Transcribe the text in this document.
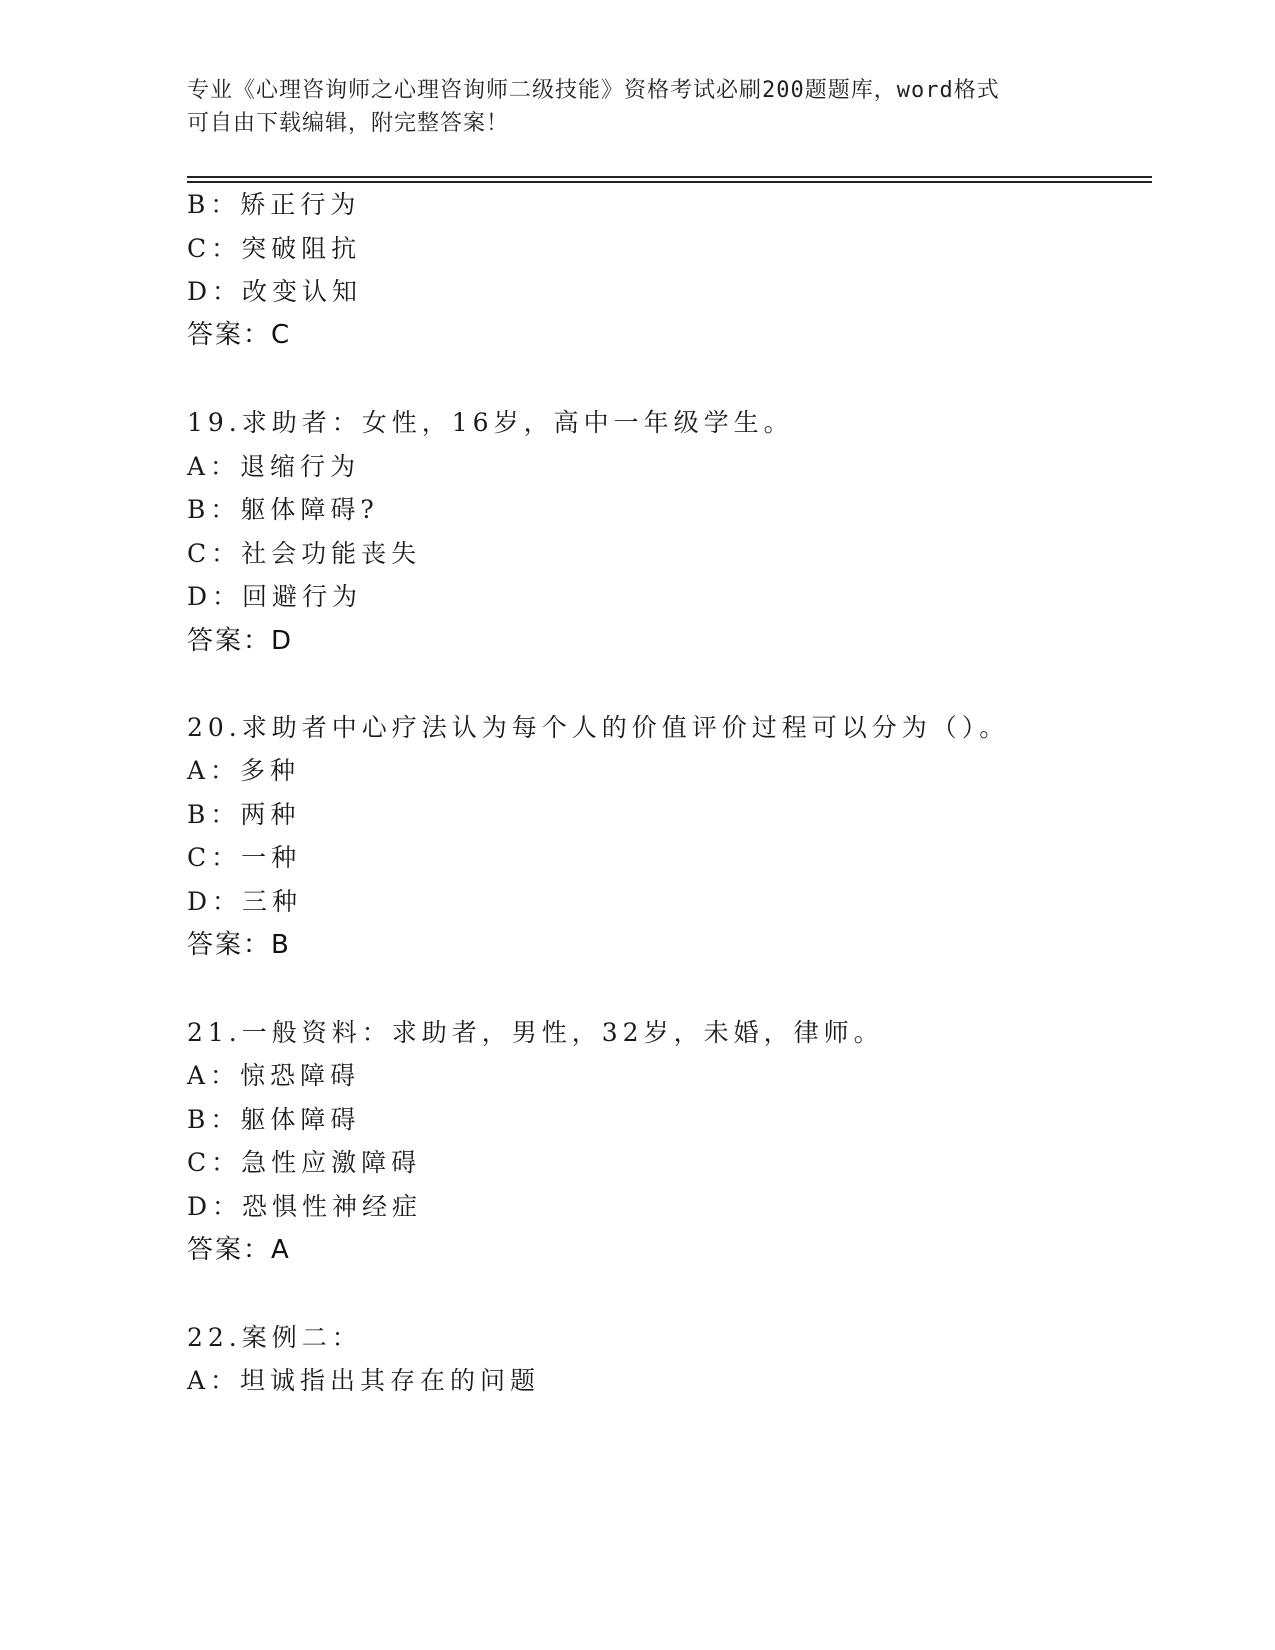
专业《心理咨询师之心理咨询师二级技能》资格考试必刷200题题库，word格式
可自由下载编辑，附完整答案！
B：矫正行为
C：突破阻抗
D：改变认知
答案：C
19.求助者：女性，16岁，高中一年级学生。
A：退缩行为
B：躯体障碍?
C：社会功能丧失
D：回避行为
答案：D
20.求助者中心疗法认为每个人的价值评价过程可以分为（）。
A：多种
B：两种
C：一种
D：三种
答案：B
21.一般资料：求助者，男性，32岁，未婚，律师。
A：惊恐障碍
B：躯体障碍
C：急性应激障碍
D：恐惧性神经症
答案：A
22.案例二：
A：坦诚指出其存在的问题
